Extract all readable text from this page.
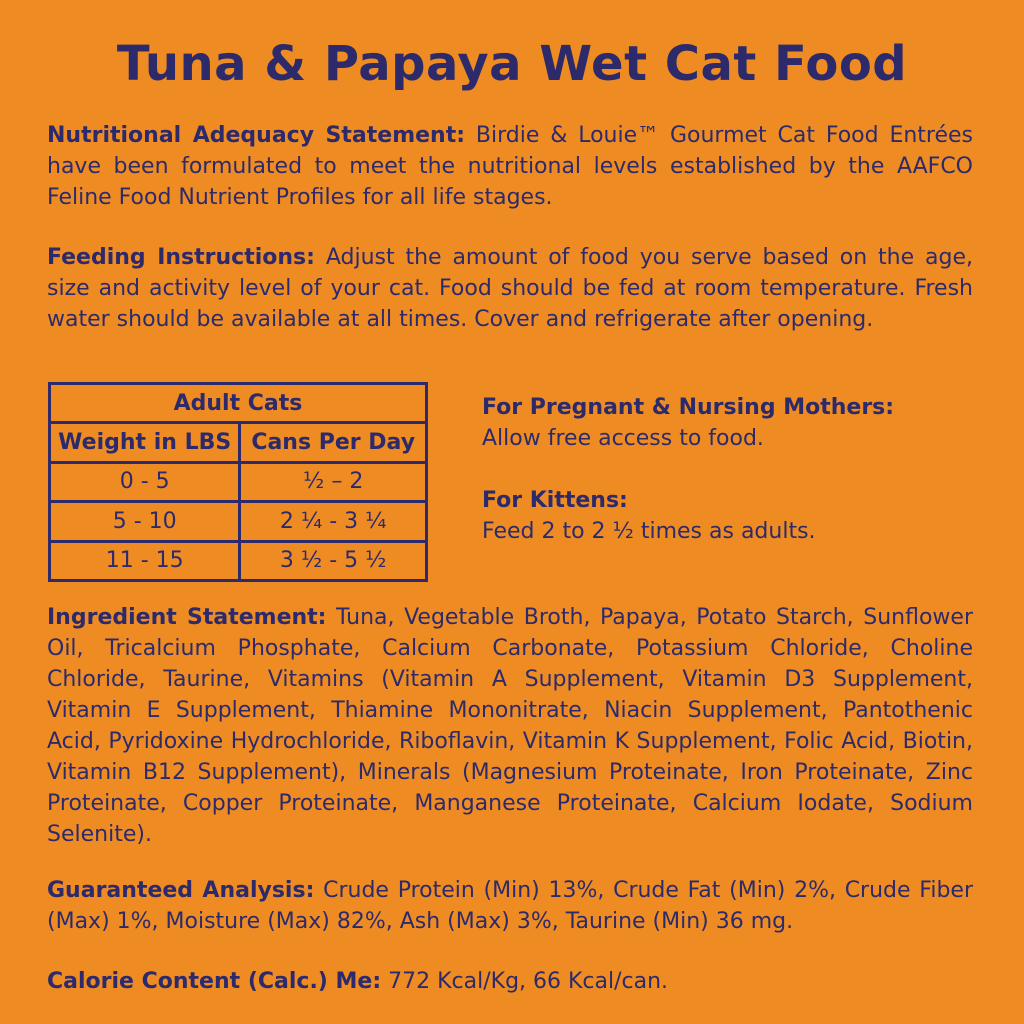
Tuna & Papaya Wet Cat Food
Nutritional Adequacy Statement: Birdie & Louie™ Gourmet Cat Food Entrées have been formulated to meet the nutritional levels established by the AAFCO Feline Food Nutrient Profiles for all life stages.
Feeding Instructions: Adjust the amount of food you serve based on the age, size and activity level of your cat. Food should be fed at room temperature. Fresh water should be available at all times. Cover and refrigerate after opening.
Adult Cats	
Weight in LBS	Cans Per Day
0 - 5	½ – 2
5 - 10	2 ¼ - 3 ¼
11 - 15	3 ½ - 5 ½
For Pregnant & Nursing Mothers:
Allow free access to food.
For Kittens:
Feed 2 to 2 ½ times as adults.
Ingredient Statement: Tuna, Vegetable Broth, Papaya, Potato Starch, Sunflower Oil, Tricalcium Phosphate, Calcium Carbonate, Potassium Chloride, Choline Chloride, Taurine, Vitamins (Vitamin A Supplement, Vitamin D3 Supplement, Vitamin E Supplement, Thiamine Mononitrate, Niacin Supplement, Pantothenic Acid, Pyridoxine Hydrochloride, Riboflavin, Vitamin K Supplement, Folic Acid, Biotin, Vitamin B12 Supplement), Minerals (Magnesium Proteinate, Iron Proteinate, Zinc Proteinate, Copper Proteinate, Manganese Proteinate, Calcium Iodate, Sodium Selenite).
Guaranteed Analysis: Crude Protein (Min) 13%, Crude Fat (Min) 2%, Crude Fiber (Max) 1%, Moisture (Max) 82%, Ash (Max) 3%, Taurine (Min) 36 mg.
Calorie Content (Calc.) Me: 772 Kcal/Kg, 66 Kcal/can.
